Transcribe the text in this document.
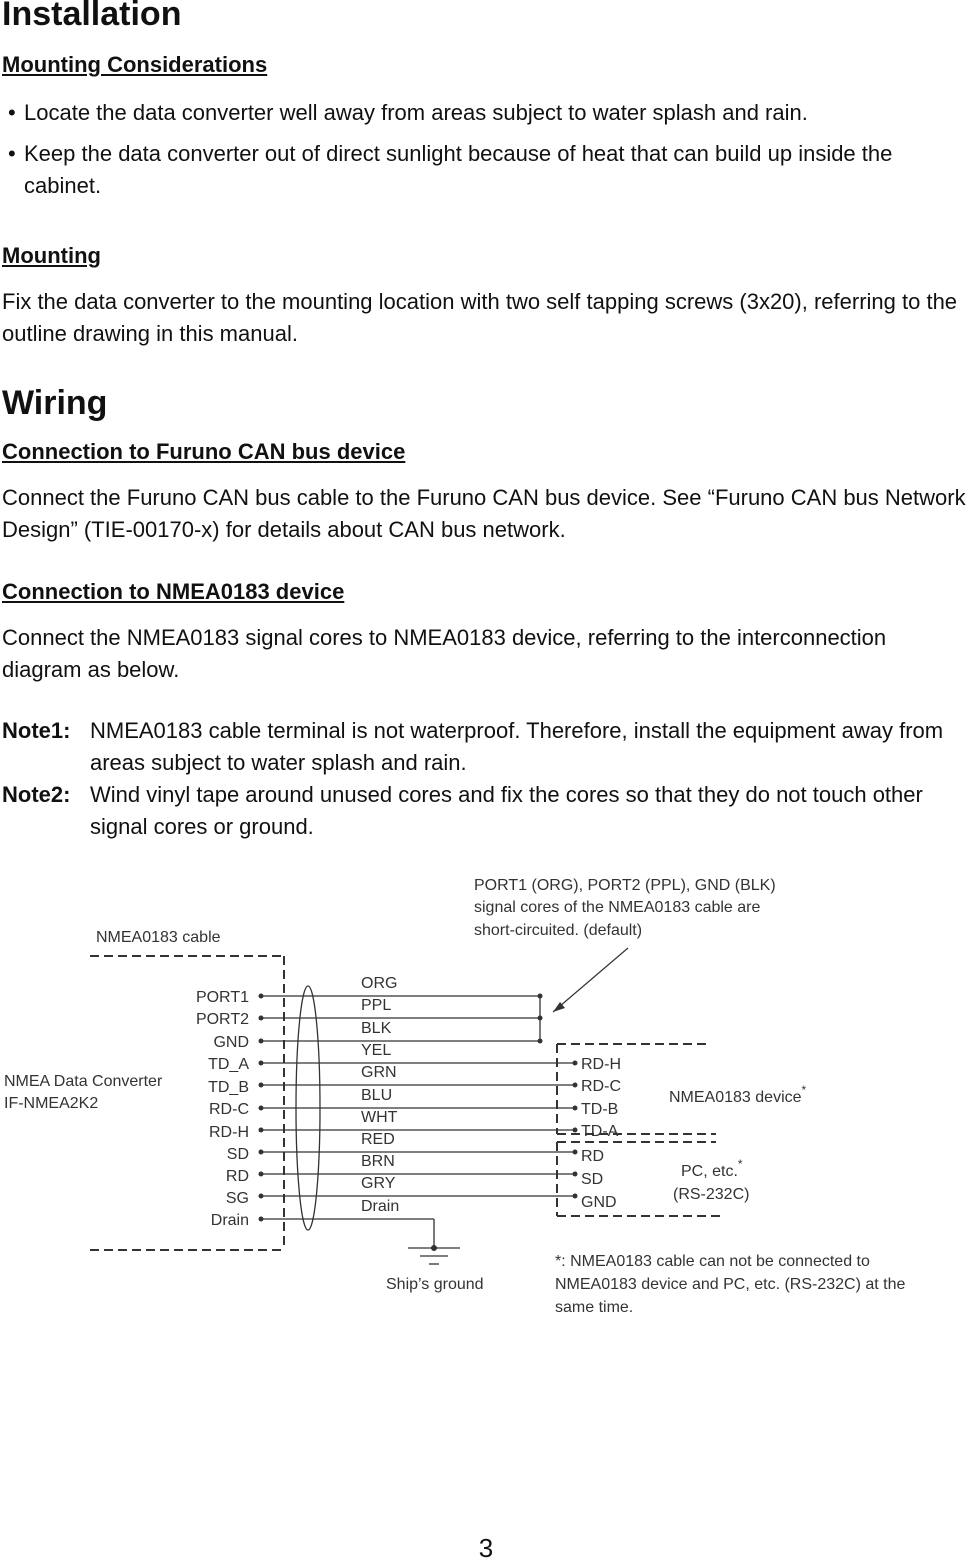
Installation
Mounting Considerations
• Locate the data converter well away from areas subject to water splash and rain.
• Keep the data converter out of direct sunlight because of heat that can build up inside the cabinet.
Mounting
Fix the data converter to the mounting location with two self tapping screws (3x20), referring to the outline drawing in this manual.
Wiring
Connection to Furuno CAN bus device
Connect the Furuno CAN bus cable to the Furuno CAN bus device. See “Furuno CAN bus Network Design” (TIE-00170-x) for details about CAN bus network.
Connection to NMEA0183 device
Connect the NMEA0183 signal cores to NMEA0183 device, referring to the interconnection diagram as below.
Note1: NMEA0183 cable terminal is not waterproof. Therefore, install the equipment away from areas subject to water splash and rain.
Note2: Wind vinyl tape around unused cores and fix the cores so that they do not touch other signal cores or ground.
PORT1 (ORG), PORT2 (PPL), GND (BLK)
signal cores of the NMEA0183 cable are
short-circuited. (default)
NMEA0183 cable
NMEA Data Converter
IF-NMEA2K2
PORT1
PORT2
GND
TD_A
TD_B
RD-C
RD-H
SD
RD
SG
Drain
ORG
PPL
BLK
YEL
GRN
BLU
WHT
RED
BRN
GRY
Drain
RD-H
RD-C
TD-B
TD-A
NMEA0183 device*
RD
SD
GND
PC, etc.*
(RS-232C)
Ship’s ground
*: NMEA0183 cable can not be connected to
NMEA0183 device and PC, etc. (RS-232C) at the
same time.
3
